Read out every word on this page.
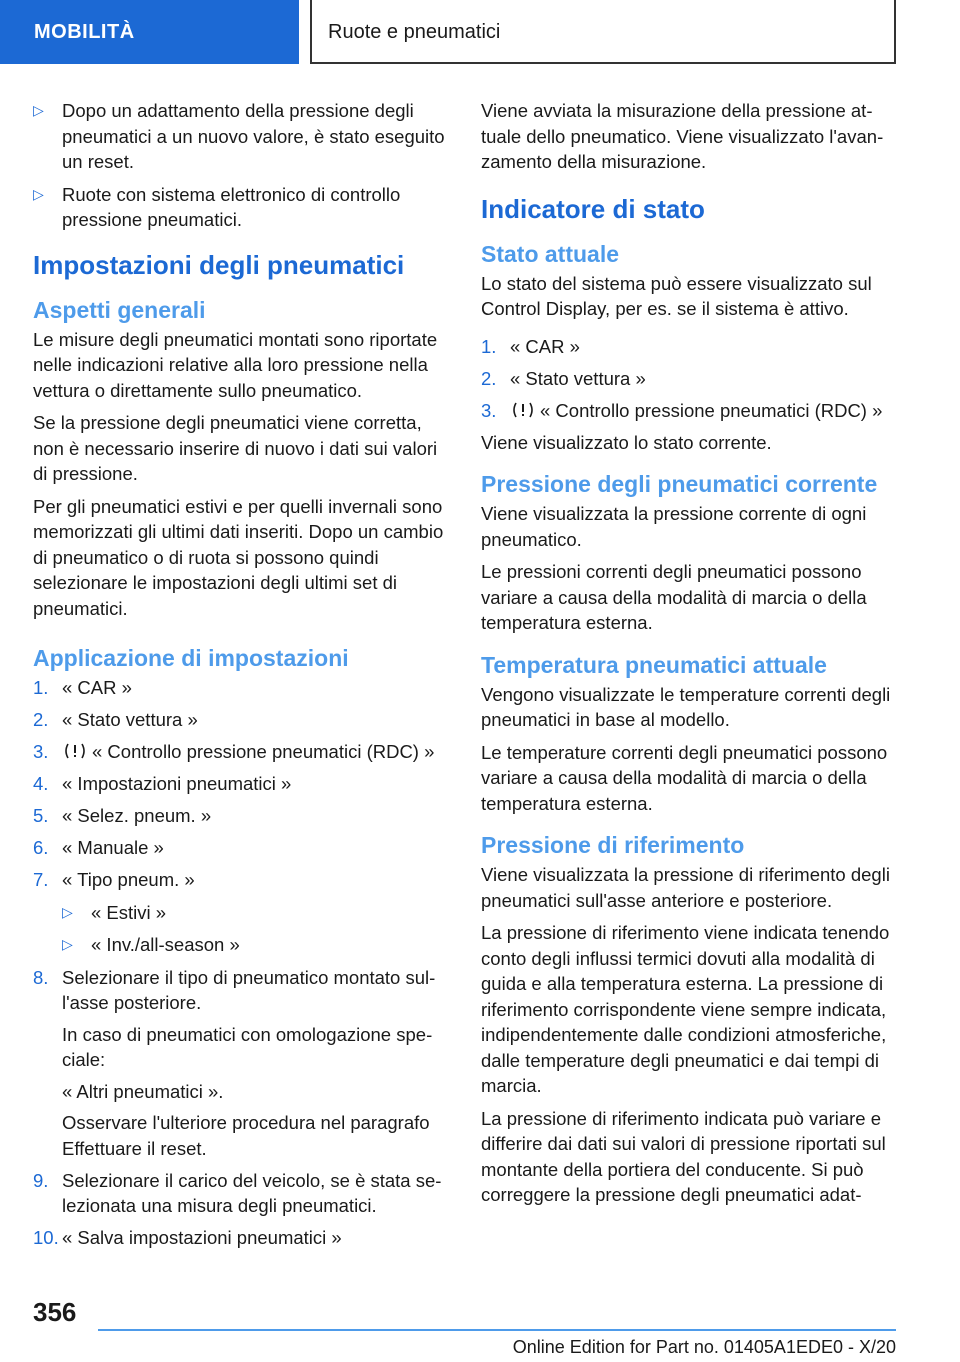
MOBILITÀ	Ruote e pneumatici
▷ Dopo un adattamento della pressione degli pneumatici a un nuovo valore, è stato eseguito un reset.
▷ Ruote con sistema elettronico di controllo pressione pneumatici.
Impostazioni degli pneumatici
Aspetti generali

Le misure degli pneumatici montati sono riportate nelle indicazioni relative alla loro pressione nella vettura o direttamente sullo pneumatico.

Se la pressione degli pneumatici viene corretta, non è necessario inserire di nuovo i dati sui valori di pressione.

Per gli pneumatici estivi e per quelli invernali sono memorizzati gli ultimi dati inseriti. Dopo un cambio di pneumatico o di ruota si possono quindi selezionare le impostazioni degli ultimi set di pneumatici.

Applicazione di impostazioni
1. « CAR »
2. « Stato vettura »
3. « Controllo pressione pneumatici (RDC) »
4. « Impostazioni pneumatici »
5. « Selez. pneum. »
6. « Manuale »
7. « Tipo pneum. »
▷ « Estivi »
▷ « Inv./all-season »
8. Selezionare il tipo di pneumatico montato sull'asse posteriore.

In caso di pneumatici con omologazione speciale:

« Altri pneumatici ».

Osservare l'ulteriore procedura nel paragrafo Effettuare il reset.

9. Selezionare il carico del veicolo, se è stata selezionata una misura degli pneumatici.
10. « Salva impostazioni pneumatici »

Viene avviata la misurazione della pressione attuale dello pneumatico. Viene visualizzato l'avanzamento della misurazione.

Indicatore di stato
Stato attuale

Lo stato del sistema può essere visualizzato sul Control Display, per es. se il sistema è attivo.

1. « CAR »
2. « Stato vettura »
3. « Controllo pressione pneumatici (RDC) »

Viene visualizzato lo stato corrente.

Pressione degli pneumatici corrente

Viene visualizzata la pressione corrente di ogni pneumatico.

Le pressioni correnti degli pneumatici possono variare a causa della modalità di marcia o della temperatura esterna.

Temperatura pneumatici attuale

Vengono visualizzate le temperature correnti degli pneumatici in base al modello.

Le temperature correnti degli pneumatici possono variare a causa della modalità di marcia o della temperatura esterna.

Pressione di riferimento

Viene visualizzata la pressione di riferimento degli pneumatici sull'asse anteriore e posteriore.

La pressione di riferimento viene indicata tenendo conto degli influssi termici dovuti alla modalità di guida e alla temperatura esterna. La pressione di riferimento corrispondente viene sempre indicata, indipendentemente dalle condizioni atmosferiche, dalle temperature degli pneumatici e dai tempi di marcia.

La pressione di riferimento indicata può variare e differire dai dati sui valori di pressione riportati sul montante della portiera del conducente. Si può correggere la pressione degli pneumatici adat-

356
Online Edition for Part no. 01405A1EDE0 - X/20
